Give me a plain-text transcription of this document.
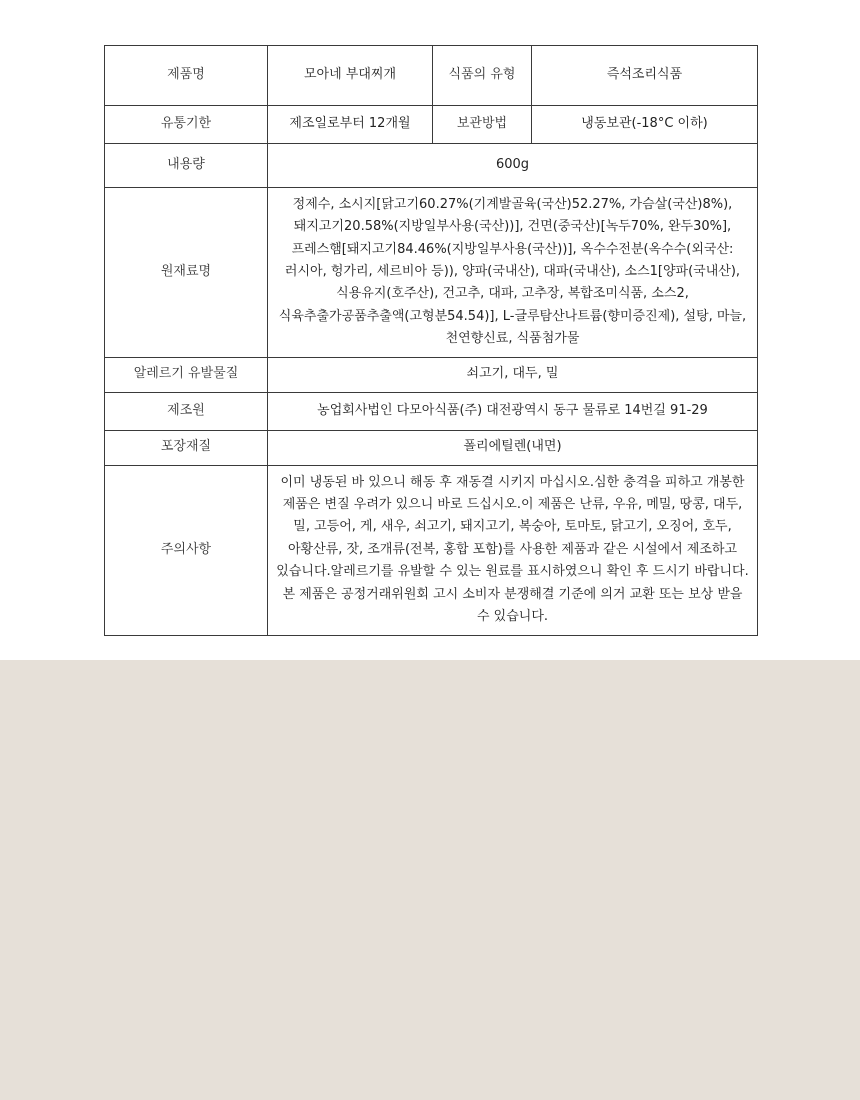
제품명	모아네 부대찌개	식품의 유형	즉석조리식품
유통기한	제조일로부터 12개월	보관방법	냉동보관(-18°C 이하)
내용량	600g		
원재료명	정제수, 소시지[닭고기60.27%(기계발골육(국산)52.27%, 가슴살(국산)8%), 돼지고기20.58%(지방일부사용(국산))], 건면(중국산)[녹두70%, 완두30%], 프레스햄[돼지고기84.46%(지방일부사용(국산))], 옥수수전분(옥수수(외국산: 러시아, 헝가리, 세르비아 등)), 양파(국내산), 대파(국내산), 소스1[양파(국내산), 식용유지(호주산), 건고추, 대파, 고추장, 복합조미식품, 소스2, 식육추출가공품추출액(고형분54.54)], L-글루탐산나트륨(향미증진제), 설탕, 마늘, 천연향신료, 식품첨가물		
알레르기 유발물질	쇠고기, 대두, 밀		
제조원	농업회사법인 다모아식품(주) 대전광역시 동구 물류로 14번길 91-29		
포장재질	폴리에틸렌(내면)		
주의사항	이미 냉동된 바 있으니 해동 후 재동결 시키지 마십시오.심한 충격을 피하고 개봉한 제품은 변질 우려가 있으니 바로 드십시오.이 제품은 난류, 우유, 메밀, 땅콩, 대두, 밀, 고등어, 게, 새우, 쇠고기, 돼지고기, 복숭아, 토마토, 닭고기, 오징어, 호두, 아황산류, 잣, 조개류(전복, 홍합 포함)를 사용한 제품과 같은 시설에서 제조하고 있습니다.알레르기를 유발할 수 있는 원료를 표시하였으니 확인 후 드시기 바랍니다.본 제품은 공정거래위원회 고시 소비자 분쟁해결 기준에 의거 교환 또는 보상 받을 수 있습니다.		
